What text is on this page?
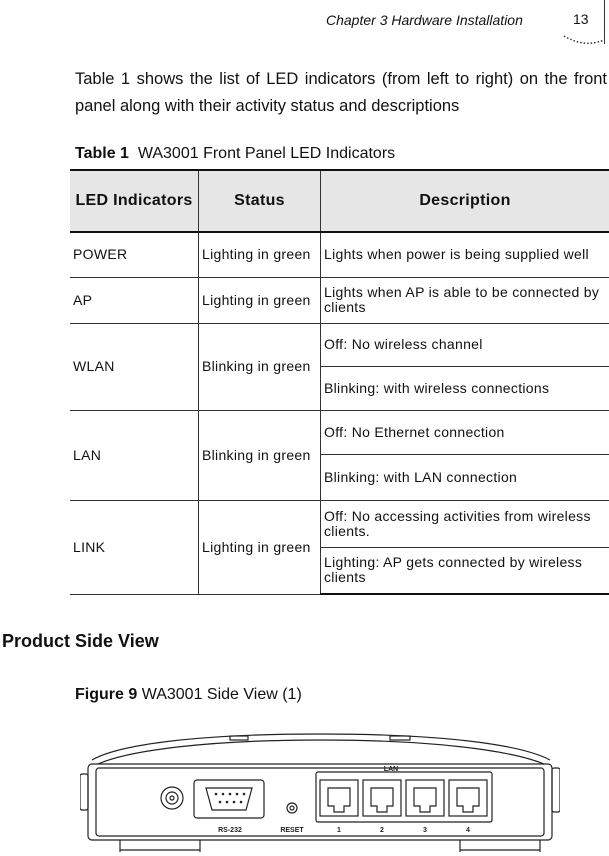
Chapter 3 Hardware Installation	13

Table 1 shows the list of LED indicators (from left to right) on the front panel along with their activity status and descriptions

Table 1 WA3001 Front Panel LED Indicators
LED Indicators	Status	Description
POWER	Lighting in green	Lights when power is being supplied well
AP	Lighting in green	Lights when AP is able to be connected by clients
WLAN	Blinking in green	Off: No wireless channel
		Blinking: with wireless connections
LAN	Blinking in green	Off: No Ethernet connection
		Blinking: with LAN connection
LINK	Lighting in green	Off: No accessing activities from wireless clients.
		Lighting: AP gets connected by wireless clients
Product Side View
Figure 9 WA3001 Side View (1)
LAN
RS-232	RESET	1	2	3	4
